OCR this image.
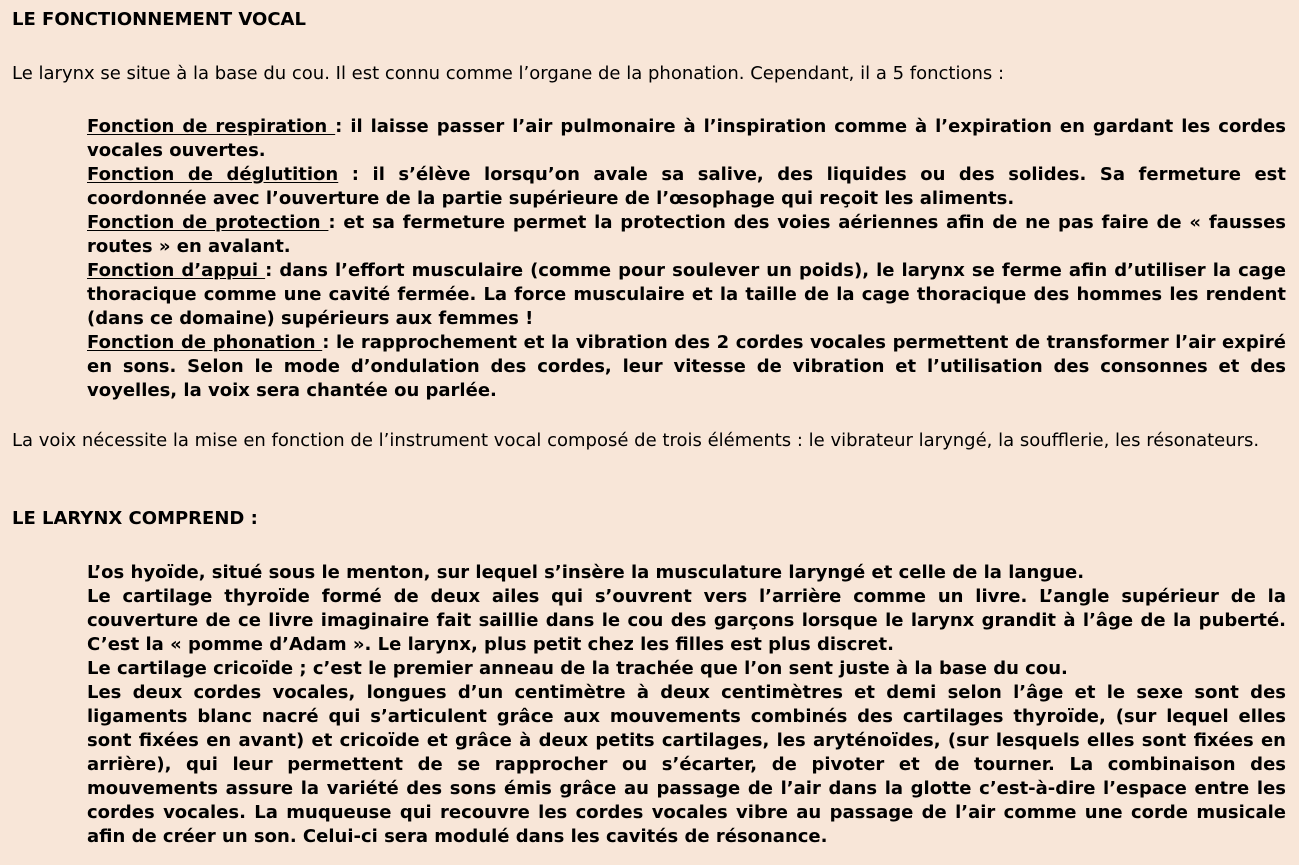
LE FONCTIONNEMENT VOCAL

Le larynx se situe à la base du cou. Il est connu comme l’organe de la phonation. Cependant, il a 5 fonctions :

Fonction de respiration : il laisse passer l’air pulmonaire à l’inspiration comme à l’expiration en gardant les cordes vocales ouvertes.
Fonction de déglutition : il s’élève lorsqu’on avale sa salive, des liquides ou des solides. Sa fermeture est coordonnée avec l’ouverture de la partie supérieure de l’œsophage qui reçoit les aliments.
Fonction de protection : et sa fermeture permet la protection des voies aériennes afin de ne pas faire de « fausses routes » en avalant.
Fonction d’appui : dans l’effort musculaire (comme pour soulever un poids), le larynx se ferme afin d’utiliser la cage thoracique comme une cavité fermée. La force musculaire et la taille de la cage thoracique des hommes les rendent (dans ce domaine) supérieurs aux femmes !
Fonction de phonation : le rapprochement et la vibration des 2 cordes vocales permettent de transformer l’air expiré en sons. Selon le mode d’ondulation des cordes, leur vitesse de vibration et l’utilisation des consonnes et des voyelles, la voix sera chantée ou parlée.

La voix nécessite la mise en fonction de l’instrument vocal composé de trois éléments : le vibrateur laryngé, la soufflerie, les résonateurs.

LE LARYNX COMPREND :
L’os hyoïde, situé sous le menton, sur lequel s’insère la musculature laryngé et celle de la langue.
Le cartilage thyroïde formé de deux ailes qui s’ouvrent vers l’arrière comme un livre. L’angle supérieur de la couverture de ce livre imaginaire fait saillie dans le cou des garçons lorsque le larynx grandit à l’âge de la puberté. C’est la « pomme d’Adam ». Le larynx, plus petit chez les filles est plus discret.
Le cartilage cricoïde ; c’est le premier anneau de la trachée que l’on sent juste à la base du cou.
Les deux cordes vocales, longues d’un centimètre à deux centimètres et demi selon l’âge et le sexe sont des ligaments blanc nacré qui s’articulent grâce aux mouvements combinés des cartilages thyroïde, (sur lequel elles sont fixées en avant) et cricoïde et grâce à deux petits cartilages, les aryténoïdes, (sur lesquels elles sont fixées en arrière), qui leur permettent de se rapprocher ou s’écarter, de pivoter et de tourner. La combinaison des mouvements assure la variété des sons émis grâce au passage de l’air dans la glotte c’est-à-dire l’espace entre les cordes vocales. La muqueuse qui recouvre les cordes vocales vibre au passage de l’air comme une corde musicale afin de créer un son. Celui-ci sera modulé dans les cavités de résonance.
